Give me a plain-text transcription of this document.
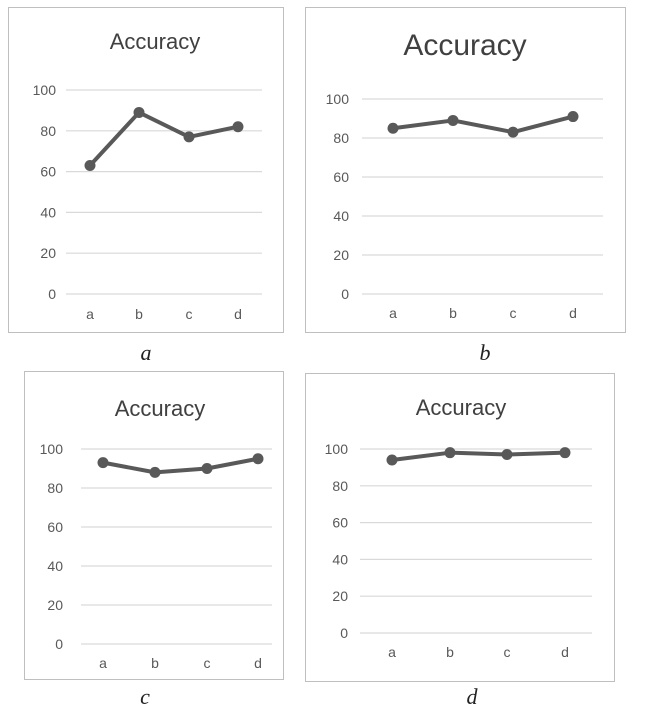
Accuracy
0
20
40
60
80
100
a	b	c	d
a
Accuracy
0
20
40
60
80
100
a	b	c	d
b
Accuracy
0
20
40
60
80
100
a	b	c	d
c
Accuracy
0
20
40
60
80
100
a	b	c	d
d
